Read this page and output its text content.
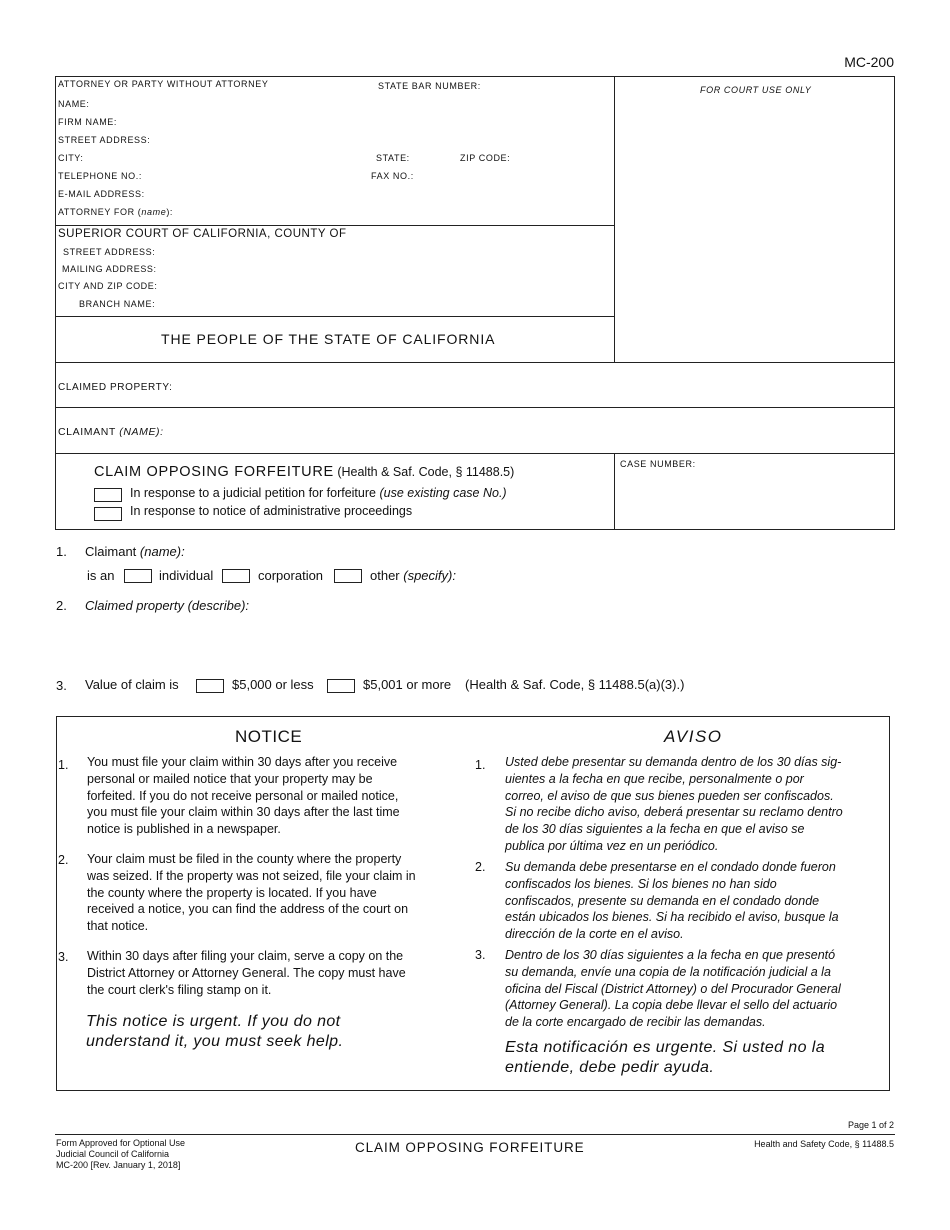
MC-200
ATTORNEY OR PARTY WITHOUT ATTORNEY	STATE BAR NUMBER:	FOR COURT USE ONLY
NAME:
FIRM NAME:
STREET ADDRESS:
CITY:	STATE:	ZIP CODE:
TELEPHONE NO.:	FAX NO.:
E-MAIL ADDRESS:
ATTORNEY FOR (name):
SUPERIOR COURT OF CALIFORNIA, COUNTY OF
STREET ADDRESS:
MAILING ADDRESS:
CITY AND ZIP CODE:
BRANCH NAME:
THE PEOPLE OF THE STATE OF CALIFORNIA
CLAIMED PROPERTY:
CLAIMANT (NAME):
CLAIM OPPOSING FORFEITURE (Health & Saf. Code, § 11488.5)
In response to a judicial petition for forfeiture (use existing case No.)
In response to notice of administrative proceedings
CASE NUMBER:
1. Claimant (name):
is an	individual	corporation	other (specify):
2. Claimed property (describe):
3. Value of claim is	$5,000 or less	$5,001 or more (Health & Saf. Code, § 11488.5(a)(3).)
NOTICE
1. You must file your claim within 30 days after you receive
personal or mailed notice that your property may be
forfeited. If you do not receive personal or mailed notice,
you must file your claim within 30 days after the last time
notice is published in a newspaper.
2. Your claim must be filed in the county where the property
was seized. If the property was not seized, file your claim in
the county where the property is located. If you have
received a notice, you can find the address of the court on
that notice.
3. Within 30 days after filing your claim, serve a copy on the
District Attorney or Attorney General. The copy must have
the court clerk's filing stamp on it.
This notice is urgent. If you do not
understand it, you must seek help.
AVISO
1. Usted debe presentar su demanda dentro de los 30 días sig-
uientes a la fecha en que recibe, personalmente o por
correo, el aviso de que sus bienes pueden ser confiscados.
Si no recibe dicho aviso, deberá presentar su reclamo dentro
de los 30 días siguientes a la fecha en que el aviso se
publica por última vez en un periódico.
2. Su demanda debe presentarse en el condado donde fueron
confiscados los bienes. Si los bienes no han sido
confiscados, presente su demanda en el condado donde
están ubicados los bienes. Si ha recibido el aviso, busque la
dirección de la corte en el aviso.
3. Dentro de los 30 días siguientes a la fecha en que presentó
su demanda, envíe una copia de la notificación judicial a la
oficina del Fiscal (District Attorney) o del Procurador General
(Attorney General). La copia debe llevar el sello del actuario
de la corte encargado de recibir las demandas.
Esta notificación es urgente. Si usted no la
entiende, debe pedir ayuda.
Page 1 of 2
Form Approved for Optional Use
Judicial Council of California
MC-200 [Rev. January 1, 2018]
CLAIM OPPOSING FORFEITURE	Health and Safety Code, § 11488.5
